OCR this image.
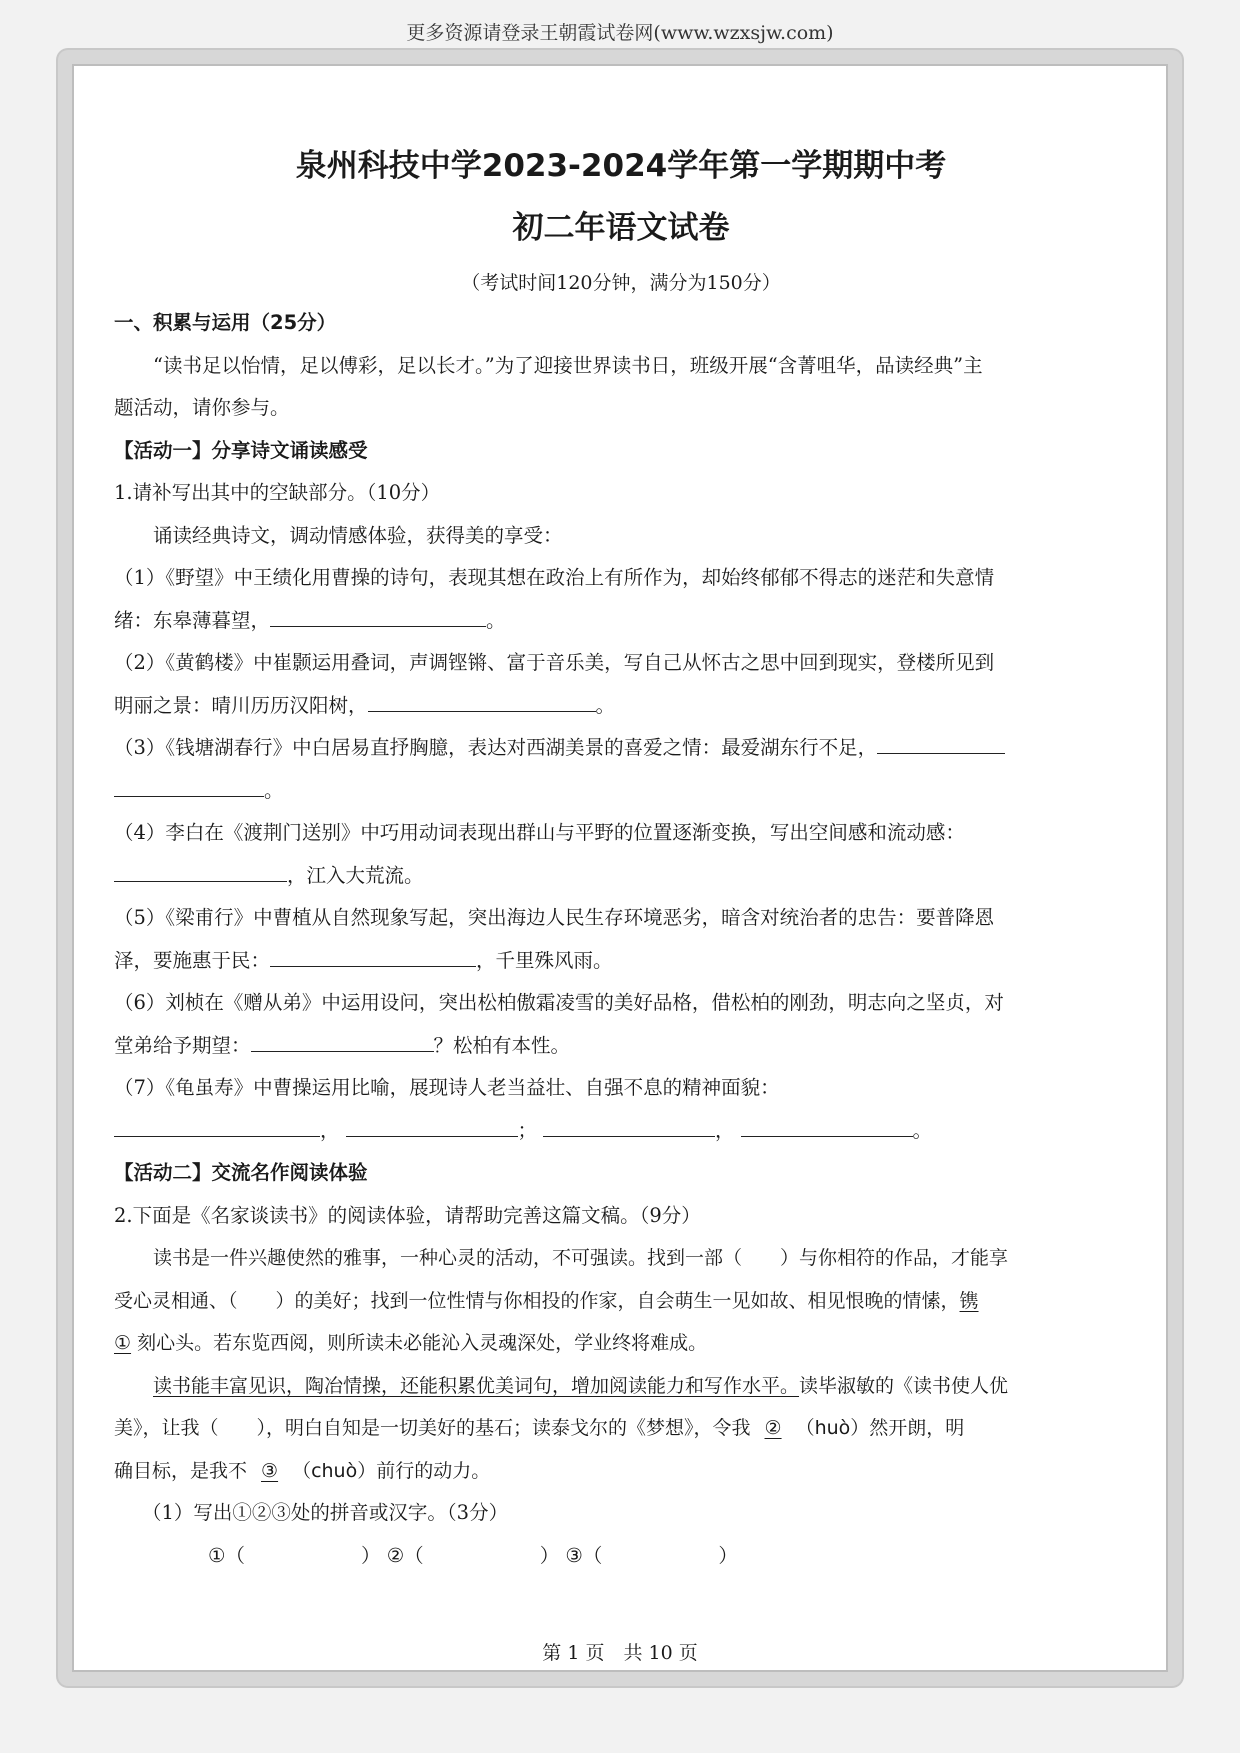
更多资源请登录王朝霞试卷网(www.wzxsjw.com)
泉州科技中学2023-2024学年第一学期期中考
初二年语文试卷
（考试时间120分钟，满分为150分）
一、积累与运用（25分）
“读书足以怡情，足以傅彩，足以长才。”为了迎接世界读书日，班级开展“含菁咀华，品读经典”主
题活动，请你参与。
【活动一】分享诗文诵读感受
1.请补写出其中的空缺部分。（10分）
诵读经典诗文，调动情感体验，获得美的享受：
（1）《野望》中王绩化用曹操的诗句，表现其想在政治上有所作为，却始终郁郁不得志的迷茫和失意情
绪：东皋薄暮望，	。
（2）《黄鹤楼》中崔颢运用叠词，声调铿锵、富于音乐美，写自己从怀古之思中回到现实，登楼所见到
明丽之景：晴川历历汉阳树，	。
（3）《钱塘湖春行》中白居易直抒胸臆，表达对西湖美景的喜爱之情：最爱湖东行不足，
。
（4）李白在《渡荆门送别》中巧用动词表现出群山与平野的位置逐渐变换，写出空间感和流动感：
，江入大荒流。
（5）《梁甫行》中曹植从自然现象写起，突出海边人民生存环境恶劣，暗含对统治者的忠告：要普降恩
泽，要施惠于民：	，千里殊风雨。
（6）刘桢在《赠从弟》中运用设问，突出松柏傲霜凌雪的美好品格，借松柏的刚劲，明志向之坚贞，对
堂弟给予期望：	？松柏有本性。
（7）《龟虽寿》中曹操运用比喻，展现诗人老当益壮、自强不息的精神面貌：
，	；	，	。
【活动二】交流名作阅读体验
2.下面是《名家谈读书》的阅读体验，请帮助完善这篇文稿。（9分）
读书是一件兴趣使然的雅事，一种心灵的活动，不可强读。找到一部（　　）与你相符的作品，才能享
受心灵相通、（　　）的美好；找到一位性情与你相投的作家，自会萌生一见如故、相见恨晚的情愫，镌
① 刻心头。若东览西阅，则所读未必能沁入灵魂深处，学业终将难成。
读书能丰富见识，陶冶情操，还能积累优美词句，增加阅读能力和写作水平。读毕淑敏的《读书使人优
美》，让我（　　），明白自知是一切美好的基石；读泰戈尔的《梦想》，令我 ② （huò）然开朗，明
确目标，是我不 ③ （chuò）前行的动力。
（1）写出①②③处的拼音或汉字。（3分）
①（	） ②（	） ③（	）
第 1 页　共 10 页
